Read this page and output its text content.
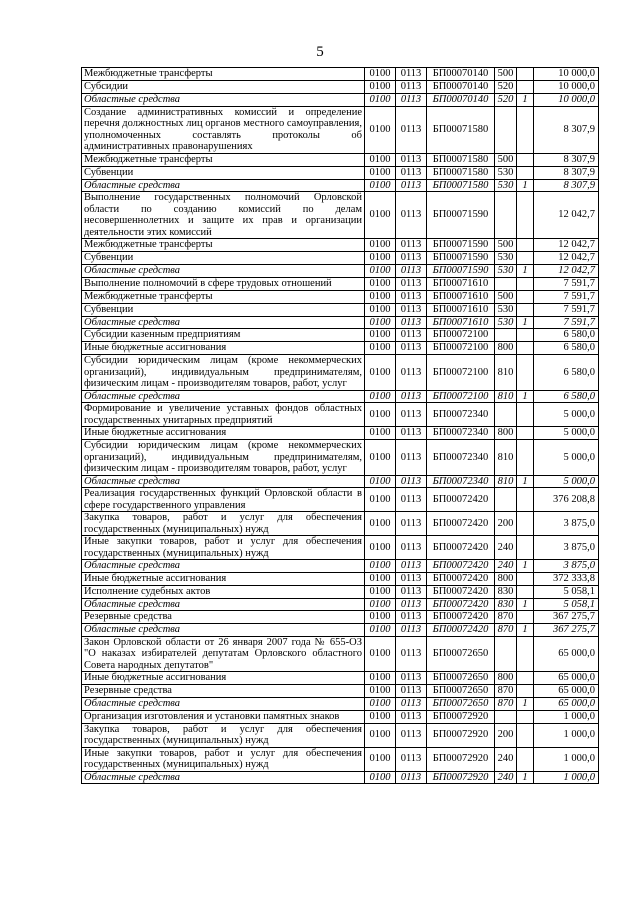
5
Межбюджетные трансферты	0100	0113	БП00070140	500		10 000,0
Субсидии	0100	0113	БП00070140	520		10 000,0
Областные средства	0100	0113	БП00070140	520	1	10 000,0
Создание административных комиссий и определение перечня должностных лиц органов местного самоуправления, уполномоченных составлять протоколы об административных правонарушениях	0100	0113	БП00071580			8 307,9
Межбюджетные трансферты	0100	0113	БП00071580	500		8 307,9
Субвенции	0100	0113	БП00071580	530		8 307,9
Областные средства	0100	0113	БП00071580	530	1	8 307,9
Выполнение государственных полномочий Орловской области по созданию комиссий по делам несовершеннолетних и защите их прав и организации деятельности этих комиссий	0100	0113	БП00071590			12 042,7
Межбюджетные трансферты	0100	0113	БП00071590	500		12 042,7
Субвенции	0100	0113	БП00071590	530		12 042,7
Областные средства	0100	0113	БП00071590	530	1	12 042,7
Выполнение полномочий в сфере трудовых отношений	0100	0113	БП00071610			7 591,7
Межбюджетные трансферты	0100	0113	БП00071610	500		7 591,7
Субвенции	0100	0113	БП00071610	530		7 591,7
Областные средства	0100	0113	БП00071610	530	1	7 591,7
Субсидии казенным предприятиям	0100	0113	БП00072100			6 580,0
Иные бюджетные ассигнования	0100	0113	БП00072100	800		6 580,0
Субсидии юридическим лицам (кроме некоммерческих организаций), индивидуальным предпринимателям, физическим лицам - производителям товаров, работ, услуг	0100	0113	БП00072100	810		6 580,0
Областные средства	0100	0113	БП00072100	810	1	6 580,0
Формирование и увеличение уставных фондов областных государственных унитарных предприятий	0100	0113	БП00072340			5 000,0
Иные бюджетные ассигнования	0100	0113	БП00072340	800		5 000,0
Субсидии юридическим лицам (кроме некоммерческих организаций), индивидуальным предпринимателям, физическим лицам - производителям товаров, работ, услуг	0100	0113	БП00072340	810		5 000,0
Областные средства	0100	0113	БП00072340	810	1	5 000,0
Реализация государственных функций Орловской области в сфере государственного управления	0100	0113	БП00072420			376 208,8
Закупка товаров, работ и услуг для обеспечения государственных (муниципальных) нужд	0100	0113	БП00072420	200		3 875,0
Иные закупки товаров, работ и услуг для обеспечения государственных (муниципальных) нужд	0100	0113	БП00072420	240		3 875,0
Областные средства	0100	0113	БП00072420	240	1	3 875,0
Иные бюджетные ассигнования	0100	0113	БП00072420	800		372 333,8
Исполнение судебных актов	0100	0113	БП00072420	830		5 058,1
Областные средства	0100	0113	БП00072420	830	1	5 058,1
Резервные средства	0100	0113	БП00072420	870		367 275,7
Областные средства	0100	0113	БП00072420	870	1	367 275,7
Закон Орловской области от 26 января 2007 года № 655-ОЗ "О наказах избирателей депутатам Орловского областного Совета народных депутатов"	0100	0113	БП00072650			65 000,0
Иные бюджетные ассигнования	0100	0113	БП00072650	800		65 000,0
Резервные средства	0100	0113	БП00072650	870		65 000,0
Областные средства	0100	0113	БП00072650	870	1	65 000,0
Организация изготовления и установки памятных знаков	0100	0113	БП00072920			1 000,0
Закупка товаров, работ и услуг для обеспечения государственных (муниципальных) нужд	0100	0113	БП00072920	200		1 000,0
Иные закупки товаров, работ и услуг для обеспечения государственных (муниципальных) нужд	0100	0113	БП00072920	240		1 000,0
Областные средства	0100	0113	БП00072920	240	1	1 000,0
